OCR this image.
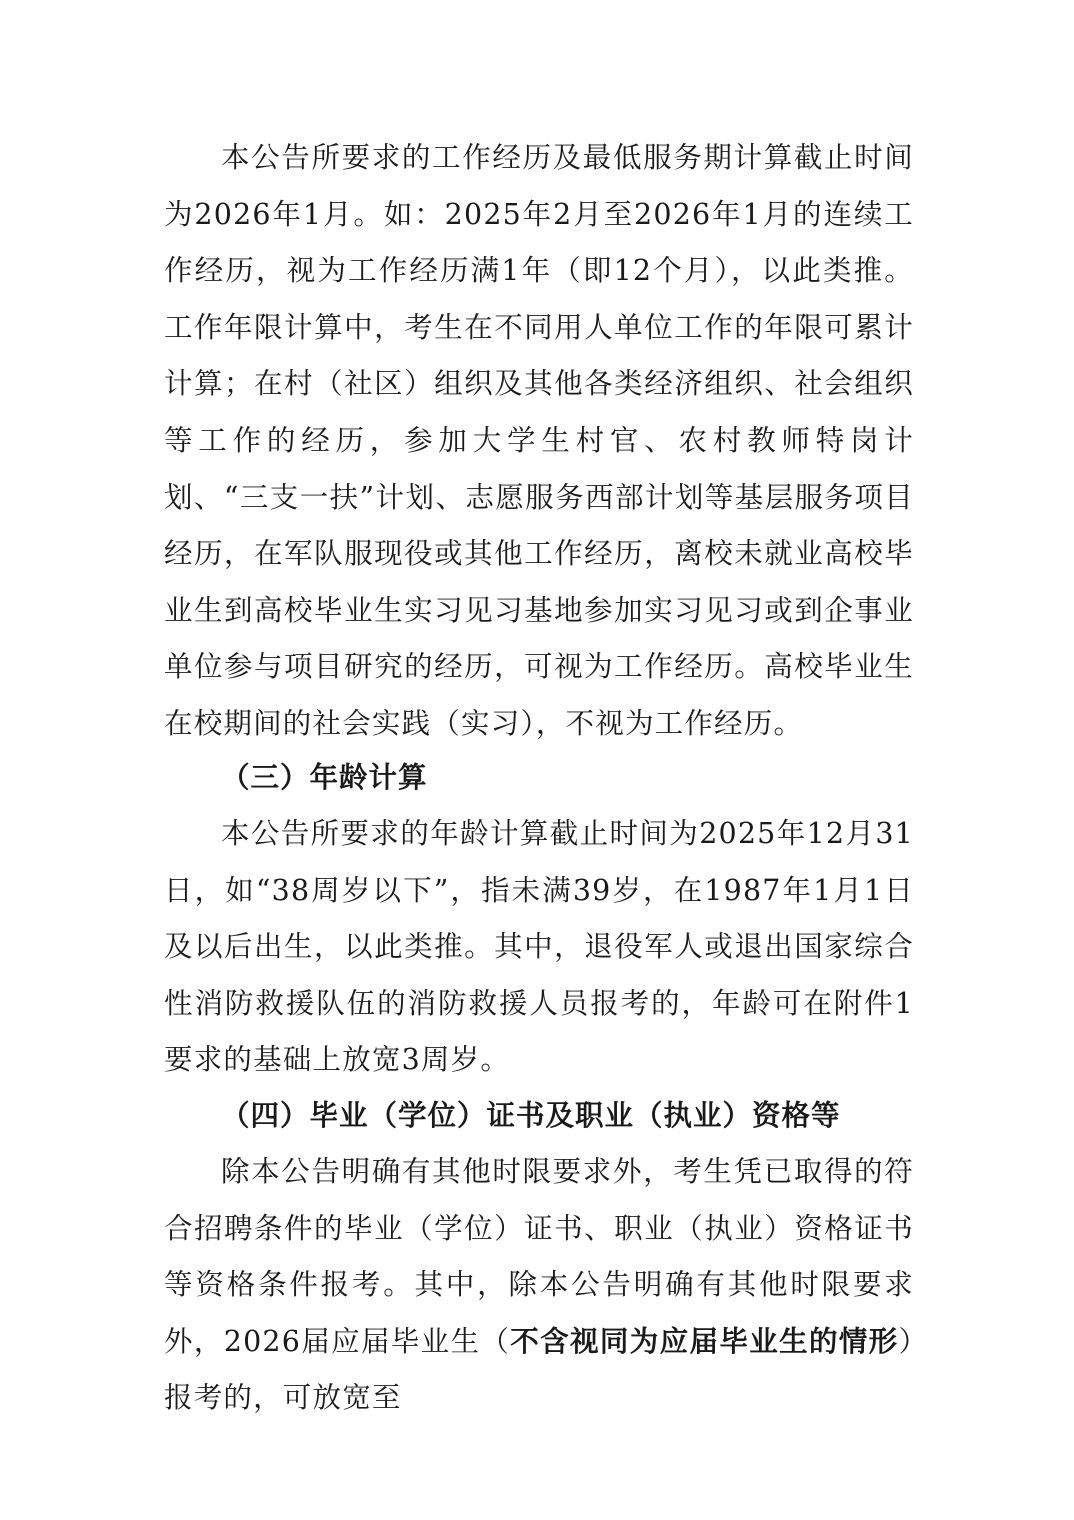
本公告所要求的工作经历及最低服务期计算截止时间为2026年1月。如：2025年2月至2026年1月的连续工作经历，视为工作经历满1年（即12个月），以此类推。工作年限计算中，考生在不同用人单位工作的年限可累计计算；在村（社区）组织及其他各类经济组织、社会组织等工作的经历，参加大学生村官、农村教师特岗计划、“三支一扶”计划、志愿服务西部计划等基层服务项目经历，在军队服现役或其他工作经历，离校未就业高校毕业生到高校毕业生实习见习基地参加实习见习或到企事业单位参与项目研究的经历，可视为工作经历。高校毕业生在校期间的社会实践（实习），不视为工作经历。

（三）年龄计算

本公告所要求的年龄计算截止时间为2025年12月31日，如“38周岁以下”，指未满39岁，在1987年1月1日及以后出生，以此类推。其中，退役军人或退出国家综合性消防救援队伍的消防救援人员报考的，年龄可在附件1要求的基础上放宽3周岁。

（四）毕业（学位）证书及职业（执业）资格等

除本公告明确有其他时限要求外，考生凭已取得的符合招聘条件的毕业（学位）证书、职业（执业）资格证书等资格条件报考。其中，除本公告明确有其他时限要求外，2026届应届毕业生（不含视同为应届毕业生的情形）报考的，可放宽至
